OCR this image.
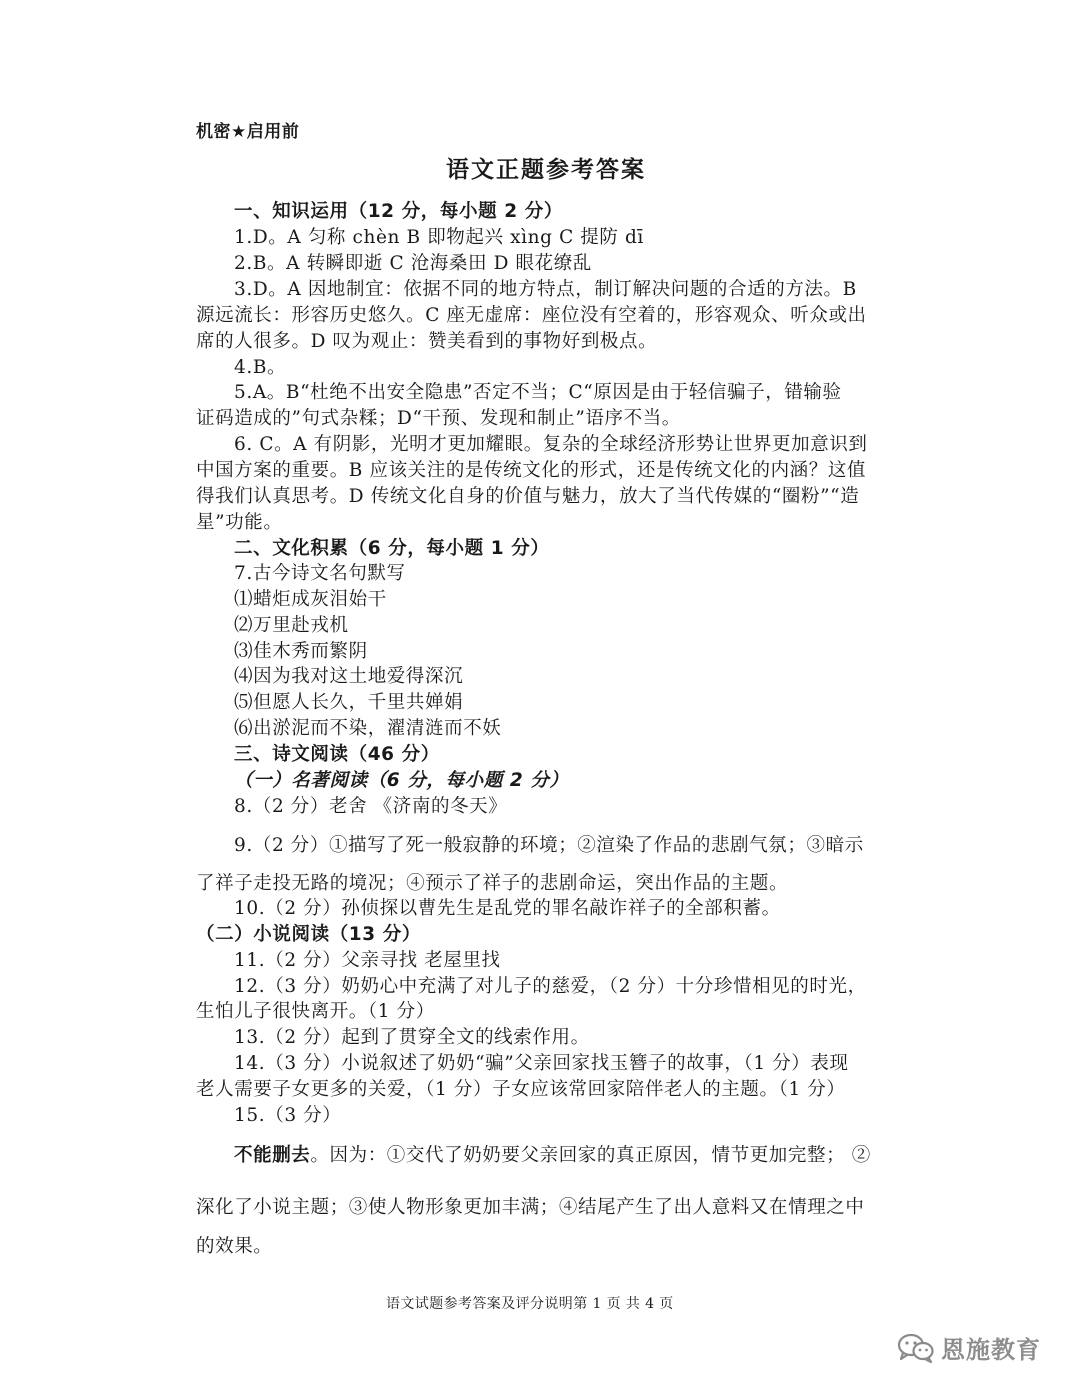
机密★启用前
语文正题参考答案
一、知识运用（12 分，每小题 2 分）
1.D。A 匀称 chèn B 即物起兴 xìng C 提防 dī
2.B。A 转瞬即逝 C 沧海桑田 D 眼花缭乱
3.D。A 因地制宜：依据不同的地方特点，制订解决问题的合适的方法。B
源远流长：形容历史悠久。C 座无虚席：座位没有空着的，形容观众、听众或出
席的人很多。D 叹为观止：赞美看到的事物好到极点。
4.B。
5.A。B“杜绝不出安全隐患”否定不当；C“原因是由于轻信骗子，错输验
证码造成的”句式杂糅；D“干预、发现和制止”语序不当。
6. C。A 有阴影，光明才更加耀眼。复杂的全球经济形势让世界更加意识到
中国方案的重要。B 应该关注的是传统文化的形式，还是传统文化的内涵？这值
得我们认真思考。D 传统文化自身的价值与魅力，放大了当代传媒的“圈粉”“造
星”功能。
二、文化积累（6 分，每小题 1 分）
7.古今诗文名句默写
⑴蜡炬成灰泪始干
⑵万里赴戎机
⑶佳木秀而繁阴
⑷因为我对这土地爱得深沉
⑸但愿人长久，千里共婵娟
⑹出淤泥而不染，濯清涟而不妖
三、诗文阅读（46 分）
（一）名著阅读（6 分，每小题 2 分）
8.（2 分）老舍 《济南的冬天》
9.（2 分）①描写了死一般寂静的环境；②渲染了作品的悲剧气氛；③暗示
了祥子走投无路的境况；④预示了祥子的悲剧命运，突出作品的主题。
10.（2 分）孙侦探以曹先生是乱党的罪名敲诈祥子的全部积蓄。
（二）小说阅读（13 分）
11.（2 分）父亲寻找 老屋里找
12.（3 分）奶奶心中充满了对儿子的慈爱，（2 分）十分珍惜相见的时光，
生怕儿子很快离开。（1 分）
13.（2 分）起到了贯穿全文的线索作用。
14.（3 分）小说叙述了奶奶“骗”父亲回家找玉簪子的故事，（1 分）表现
老人需要子女更多的关爱，（1 分）子女应该常回家陪伴老人的主题。（1 分）
15.（3 分）
不能删去。因为：①交代了奶奶要父亲回家的真正原因，情节更加完整； ②
深化了小说主题；③使人物形象更加丰满；④结尾产生了出人意料又在情理之中
的效果。
语文试题参考答案及评分说明第 1 页 共 4 页
恩施教育
